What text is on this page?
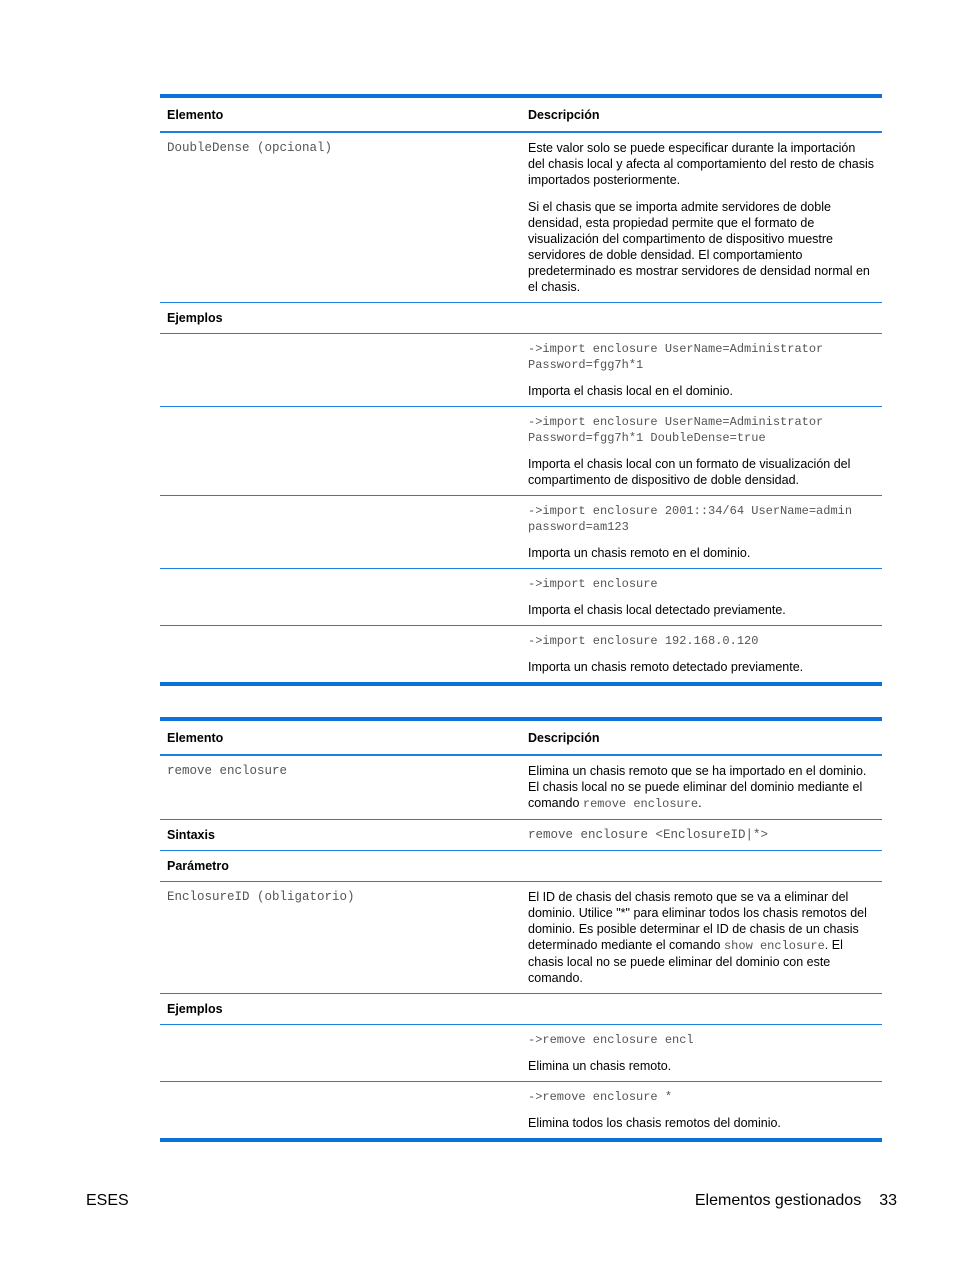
Elemento	Descripción
DoubleDense (opcional)	Este valor solo se puede especificar durante la importación del chasis local y afecta al comportamiento del resto de chasis importados posteriormente.

Si el chasis que se importa admite servidores de doble densidad, esta propiedad permite que el formato de visualización del compartimento de dispositivo muestre servidores de doble densidad. El comportamiento predeterminado es mostrar servidores de densidad normal en el chasis.

Ejemplos	

	->import enclosure UserName=Administrator Password=fgg7h*1

Importa el chasis local en el dominio.

	->import enclosure UserName=Administrator Password=fgg7h*1 DoubleDense=true

Importa el chasis local con un formato de visualización del compartimento de dispositivo de doble densidad.

	->import enclosure 2001::34/64 UserName=admin password=am123

Importa un chasis remoto en el dominio.

	->import enclosure

Importa el chasis local detectado previamente.

	->import enclosure 192.168.0.120

Importa un chasis remoto detectado previamente.

Elemento	Descripción
remove enclosure	Elimina un chasis remoto que se ha importado en el dominio. El chasis local no se puede eliminar del dominio mediante el comando remove enclosure.
Sintaxis	remove enclosure <EnclosureID|*>
Parámetro	
EnclosureID (obligatorio)	El ID de chasis del chasis remoto que se va a eliminar del dominio. Utilice "*" para eliminar todos los chasis remotos del dominio. Es posible determinar el ID de chasis de un chasis determinado mediante el comando show enclosure. El chasis local no se puede eliminar del dominio con este comando.
Ejemplos	

	->remove enclosure encl

Elimina un chasis remoto.

	->remove enclosure *

Elimina todos los chasis remotos del dominio.

ESES	Elementos gestionados 33
